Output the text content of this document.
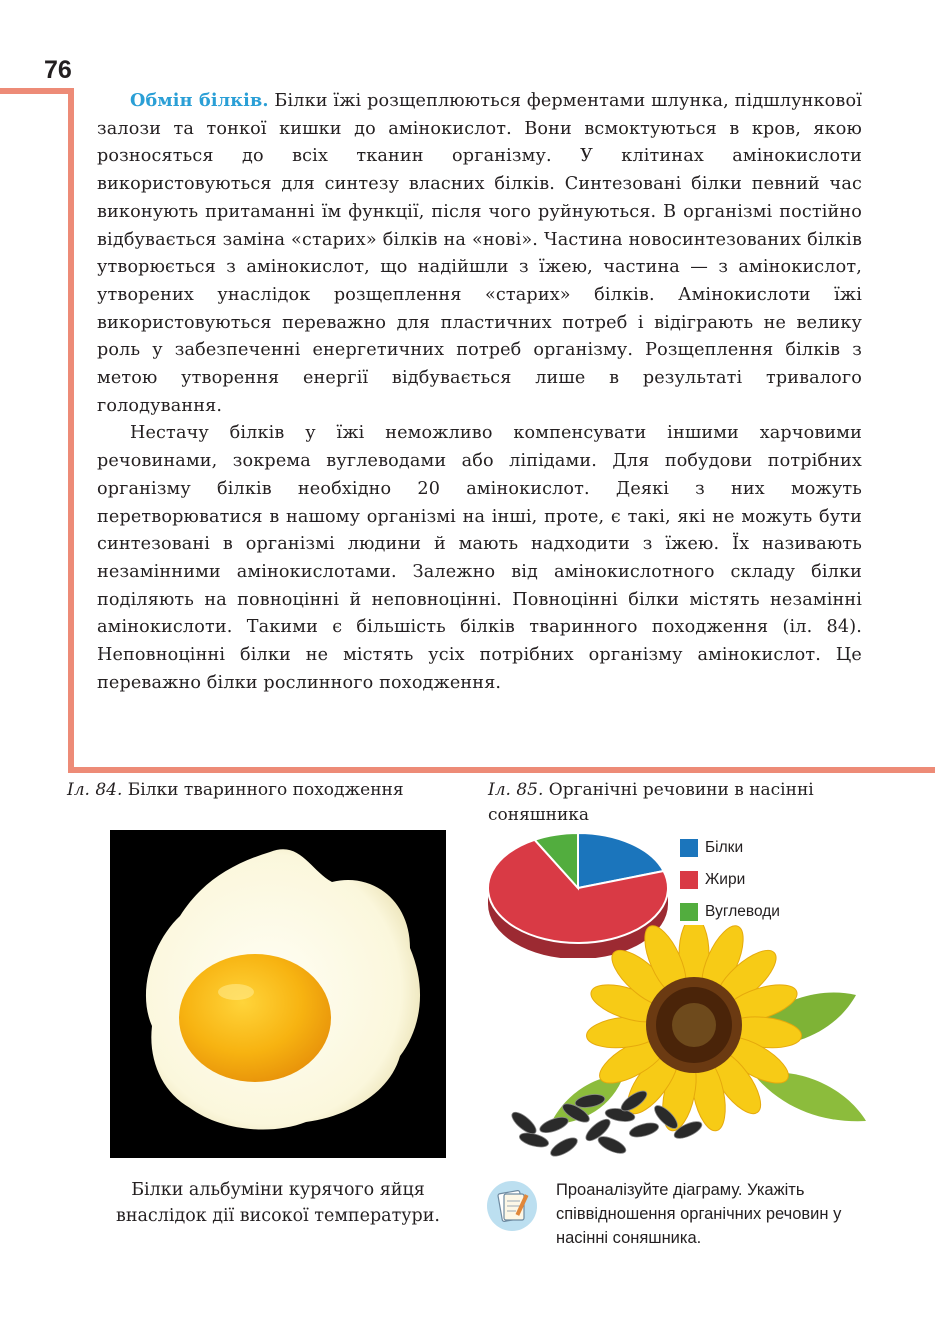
76

Обмін білків. Білки їжі розщеплюються ферментами шлунка, підшлункової залози та тонкої кишки до амінокислот. Вони всмоктуються в кров, якою розносяться до всіх тканин організму. У клітинах амінокислоти використовуються для синтезу власних білків. Синтезовані білки певний час виконують притаманні їм функції, після чого руйнуються. В організмі постійно відбувається заміна «старих» білків на «нові». Частина новосинтезованих білків утворюється з амінокислот, що надійшли з їжею, частина — з амінокислот, утворених унаслідок розщеплення «старих» білків. Амінокислоти їжі використовуються переважно для пластичних потреб і відіграють не велику роль у забезпеченні енергетичних потреб організму. Розщеплення білків з метою утворення енергії відбувається лише в результаті тривалого голодування.

Нестачу білків у їжі неможливо компенсувати іншими харчовими речовинами, зокрема вуглеводами або ліпідами. Для побудови потрібних організму білків необхідно 20 амінокислот. Деякі з них можуть перетворюватися в нашому організмі на інші, проте, є такі, які не можуть бути синтезовані в організмі людини й мають надходити з їжею. Їх називають незамінними амінокислотами. Залежно від амінокислотного складу білки поділяють на повноцінні й неповноцінні. Повноцінні білки містять незамінні амінокислоти. Такими є більшість білків тваринного походження (іл. 84). Неповноцінні білки не містять усіх потрібних організму амінокислот. Це переважно білки рослинного походження.

Іл. 84. Білки тваринного походження
Білки альбуміни курячого яйця внаслідок дії високої температури.
Іл. 85. Органічні речовини в насінні соняшника
Білки
Жири
Вуглеводи
Проаналізуйте діаграму. Укажіть співвідношення органічних речовин у насінні соняшника.
